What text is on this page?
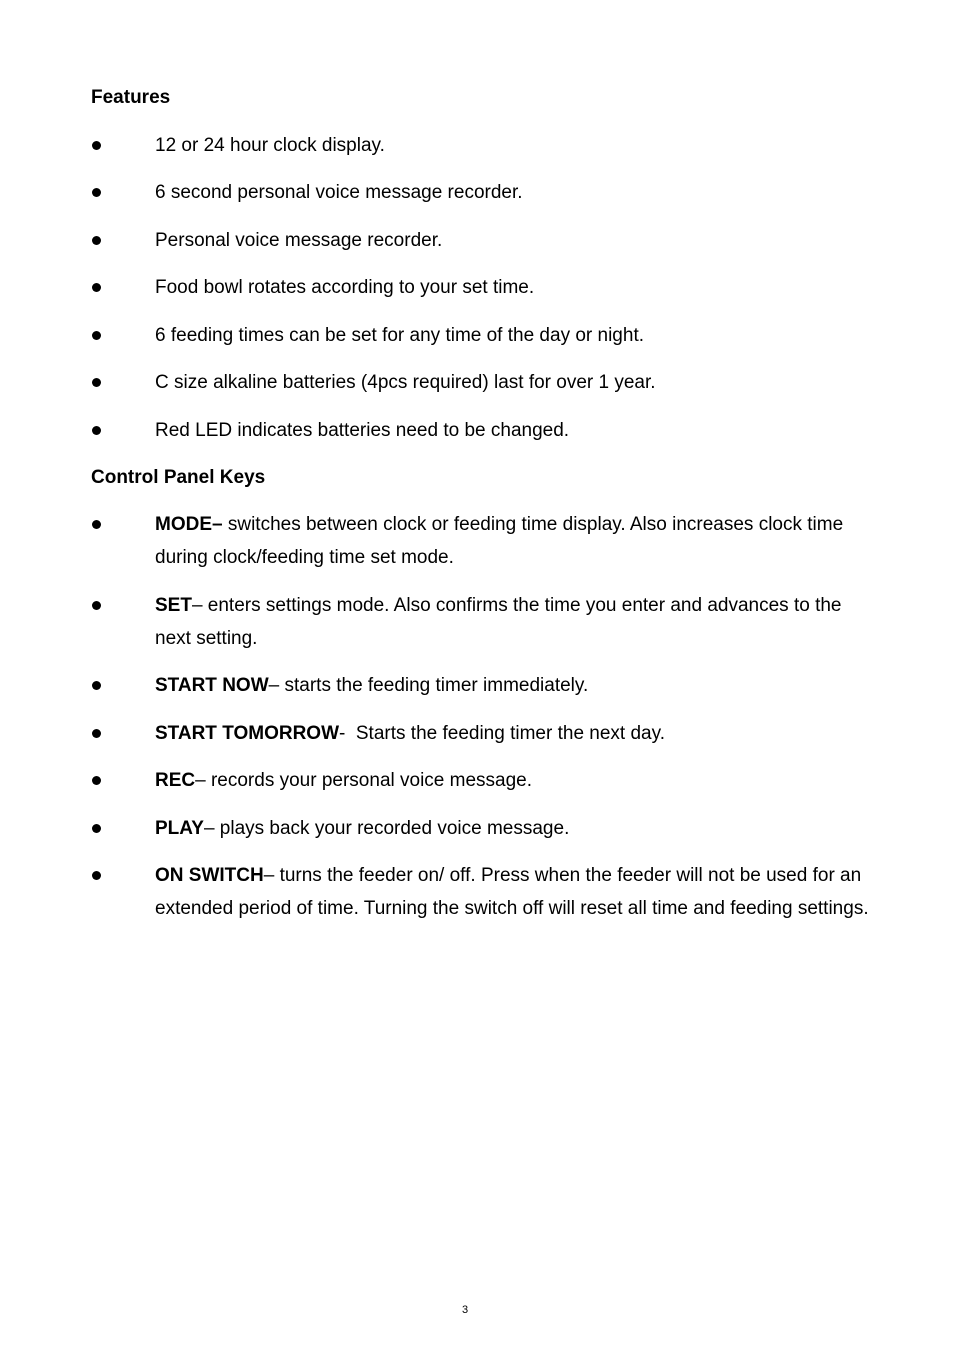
Features
12 or 24 hour clock display.
6 second personal voice message recorder.
Personal voice message recorder.
Food bowl rotates according to your set time.
6 feeding times can be set for any time of the day or night.
C size alkaline batteries (4pcs required) last for over 1 year.
Red LED indicates batteries need to be changed.
Control Panel Keys
MODE– switches between clock or feeding time display. Also increases clock time during clock/feeding time set mode.
SET– enters settings mode. Also confirms the time you enter and advances to the next setting.
START NOW– starts the feeding timer immediately.
START TOMORROW-  Starts the feeding timer the next day.
REC– records your personal voice message.
PLAY– plays back your recorded voice message.
ON SWITCH– turns the feeder on/ off. Press when the feeder will not be used for an extended period of time. Turning the switch off will reset all time and feeding settings.
3
